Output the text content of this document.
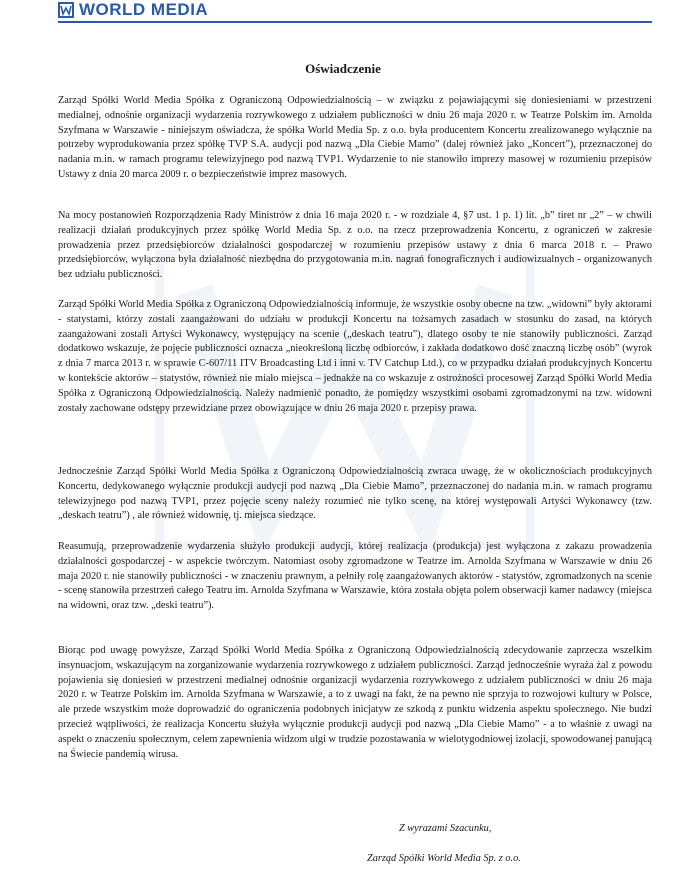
WORLD MEDIA
Oświadczenie

Zarząd Spółki World Media Spółka z Ograniczoną Odpowiedzialnością – w związku z pojawiającymi się doniesieniami w przestrzeni medialnej, odnośnie organizacji wydarzenia rozrywkowego z udziałem publiczności w dniu 26 maja 2020 r. w Teatrze Polskim im. Arnolda Szyfmana w Warszawie - niniejszym oświadcza, że spółka World Media Sp. z o.o. była producentem Koncertu zrealizowanego wyłącznie na potrzeby wyprodukowania przez spółkę TVP S.A. audycji pod nazwą „Dla Ciebie Mamo” (dalej również jako „Koncert”), przeznaczonej do nadania m.in. w ramach programu telewizyjnego pod nazwą TVP1. Wydarzenie to nie stanowiło imprezy masowej w rozumieniu przepisów Ustawy z dnia 20 marca 2009 r. o bezpieczeństwie imprez masowych.

Na mocy postanowień Rozporządzenia Rady Ministrów z dnia 16 maja 2020 r. - w rozdziale 4, §7 ust. 1 p. 1) lit. „b” tiret nr „2” – w chwili realizacji działań produkcyjnych przez spółkę World Media Sp. z o.o. na rzecz przeprowadzenia Koncertu, z ograniczeń w zakresie prowadzenia przez przedsiębiorców działalności gospodarczej w rozumieniu przepisów ustawy z dnia 6 marca 2018 r. – Prawo przedsiębiorców, wyłączona była działalność niezbędna do przygotowania m.in. nagrań fonograficznych i audiowizualnych - organizowanych bez udziału publiczności.

Zarząd Spółki World Media Spółka z Ograniczoną Odpowiedzialnością informuje, że wszystkie osoby obecne na tzw. „widowni” były aktorami - statystami, którzy zostali zaangażowani do udziału w produkcji Koncertu na tożsamych zasadach w stosunku do zasad, na których zaangażowani zostali Artyści Wykonawcy, występujący na scenie („deskach teatru”), dlatego osoby te nie stanowiły publiczności. Zarząd dodatkowo wskazuje, że pojęcie publiczności oznacza „nieokreśloną liczbę odbiorców, i zakłada dodatkowo dość znaczną liczbę osób” (wyrok z dnia 7 marca 2013 r. w sprawie C-607/11 ITV Broadcasting Ltd i inni v. TV Catchup Ltd.), co w przypadku działań produkcyjnych Koncertu w kontekście aktorów – statystów, również nie miało miejsca – jednakże na co wskazuje z ostrożności procesowej Zarząd Spółki World Media Spółka z Ograniczoną Odpowiedzialnością. Należy nadmienić ponadto, że pomiędzy wszystkimi osobami zgromadzonymi na tzw. widowni zostały zachowane odstępy przewidziane przez obowiązujące w dniu 26 maja 2020 r. przepisy prawa.

Jednocześnie Zarząd Spółki World Media Spółka z Ograniczoną Odpowiedzialnością zwraca uwagę, że w okolicznościach produkcyjnych Koncertu, dedykowanego wyłącznie produkcji audycji pod nazwą „Dla Ciebie Mamo”, przeznaczonej do nadania m.in. w ramach programu telewizyjnego pod nazwą TVP1, przez pojęcie sceny należy rozumieć nie tylko scenę, na której występowali Artyści Wykonawcy (tzw. „deskach teatru”) , ale również widownię, tj. miejsca siedzące.

Reasumują, przeprowadzenie wydarzenia służyło produkcji audycji, której realizacja (produkcja) jest wyłączona z zakazu prowadzenia działalności gospodarczej - w aspekcie twórczym. Natomiast osoby zgromadzone w Teatrze im. Arnolda Szyfmana w Warszawie w dniu 26 maja 2020 r. nie stanowiły publiczności - w znaczeniu prawnym, a pełniły rolę zaangażowanych aktorów - statystów, zgromadzonych na scenie - scenę stanowiła przestrzeń całego Teatru im. Arnolda Szyfmana w Warszawie, która została objęta polem obserwacji kamer nadawcy (miejsca na widowni, oraz tzw. „deski teatru”).

Biorąc pod uwagę powyższe, Zarząd Spółki World Media Spółka z Ograniczoną Odpowiedzialnością zdecydowanie zaprzecza wszelkim insynuacjom, wskazującym na zorganizowanie wydarzenia rozrywkowego z udziałem publiczności. Zarząd jednocześnie wyraża żal z powodu pojawienia się doniesień w przestrzeni medialnej odnośnie organizacji wydarzenia rozrywkowego z udziałem publiczności w dniu 26 maja 2020 r. w Teatrze Polskim im. Arnolda Szyfmana w Warszawie, a to z uwagi na fakt, że na pewno nie sprzyja to rozwojowi kultury w Polsce, ale przede wszystkim może doprowadzić do ograniczenia podobnych inicjatyw ze szkodą z punktu widzenia aspektu społecznego. Nie budzi przecież wątpliwości, że realizacja Koncertu służyła wyłącznie produkcji audycji pod nazwą „Dla Ciebie Mamo” - a to właśnie z uwagi na aspekt o znaczeniu społecznym, celem zapewnienia widzom ulgi w trudzie pozostawania w wielotygodniowej izolacji, spowodowanej panującą na Świecie pandemią wirusa.

Z wyrazami Szacunku,
Zarząd Spółki World Media Sp. z o.o.
